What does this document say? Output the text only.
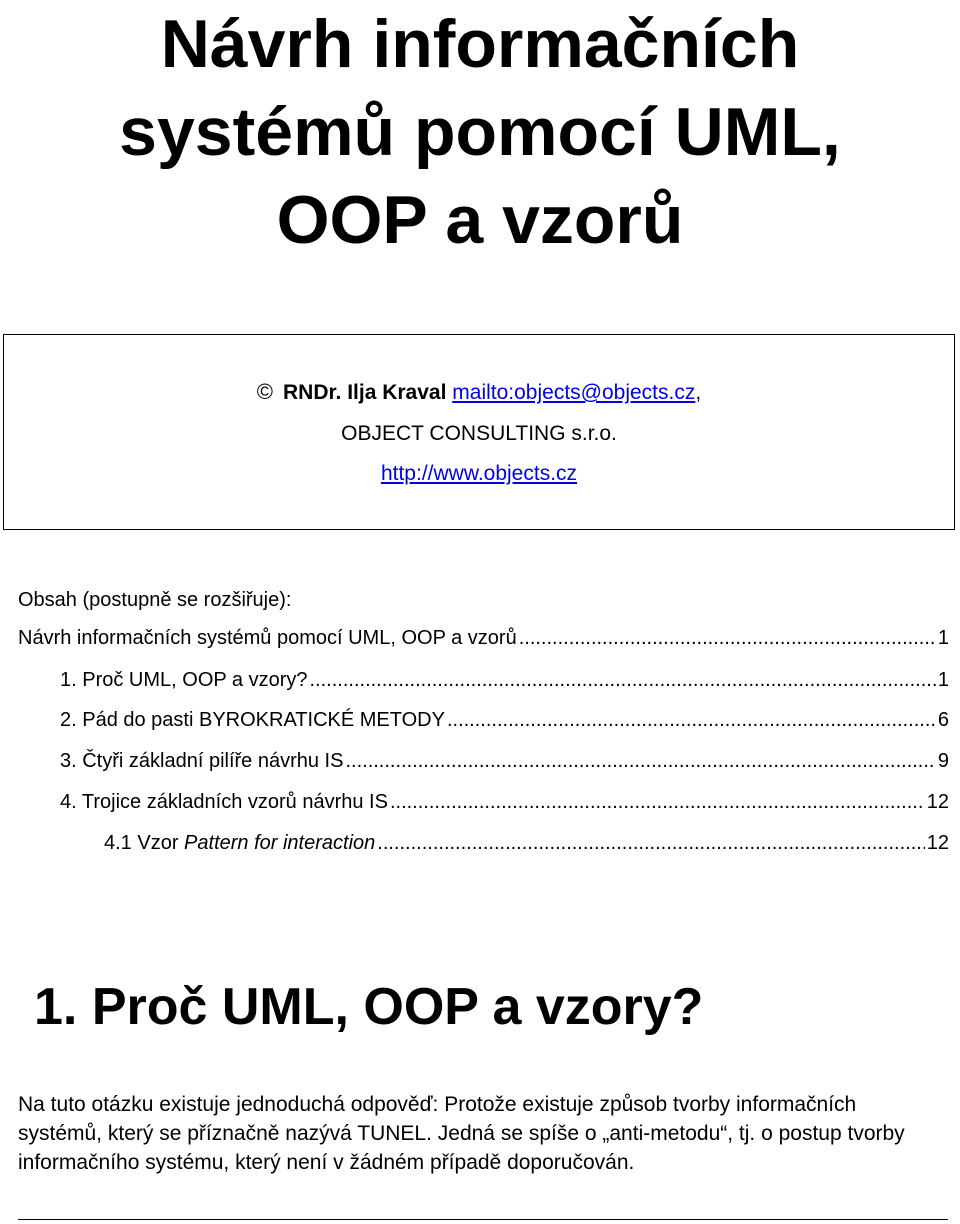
Návrh informačních
systémů pomocí UML,
OOP a vzorů
© RNDr. Ilja Kraval mailto:objects@objects.cz,
OBJECT CONSULTING s.r.o.
http://www.objects.cz
Obsah (postupně se rozšiřuje):
Návrh informačních systémů pomocí UML, OOP a vzorů .....	1
1. Proč UML, OOP a vzory? .....	1
2. Pád do pasti BYROKRATICKÉ METODY .....	6
3. Čtyři základní pilíře návrhu IS .....	9
4. Trojice základních vzorů návrhu IS .....	12
4.1 Vzor Pattern for interaction .....	12
1. Proč UML, OOP a vzory?

Na tuto otázku existuje jednoduchá odpověď: Protože existuje způsob tvorby informačních systémů, který se příznačně nazývá TUNEL. Jedná se spíše o „anti-metodu“, tj. o postup tvorby informačního systému, který není v žádném případě doporučován.
